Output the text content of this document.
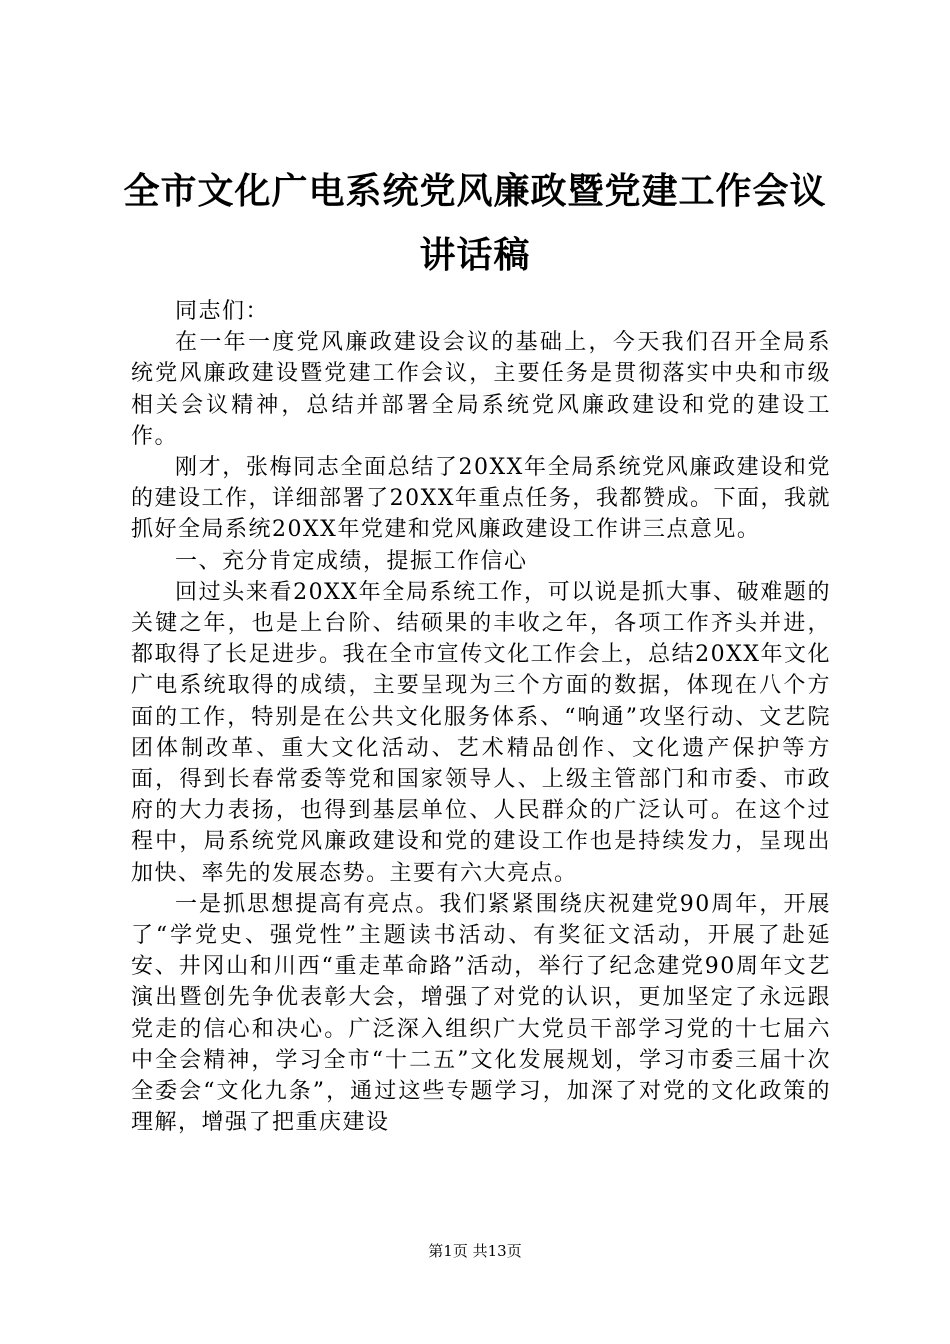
全市文化广电系统党风廉政暨党建工作会议讲话稿

同志们：

在一年一度党风廉政建设会议的基础上，今天我们召开全局系统党风廉政建设暨党建工作会议，主要任务是贯彻落实中央和市级相关会议精神，总结并部署全局系统党风廉政建设和党的建设工作。

刚才，张梅同志全面总结了20XX年全局系统党风廉政建设和党的建设工作，详细部署了20XX年重点任务，我都赞成。下面，我就抓好全局系统20XX年党建和党风廉政建设工作讲三点意见。

一、充分肯定成绩，提振工作信心

回过头来看20XX年全局系统工作，可以说是抓大事、破难题的关键之年，也是上台阶、结硕果的丰收之年，各项工作齐头并进，都取得了长足进步。我在全市宣传文化工作会上，总结20XX年文化广电系统取得的成绩，主要呈现为三个方面的数据，体现在八个方面的工作，特别是在公共文化服务体系、“响通”攻坚行动、文艺院团体制改革、重大文化活动、艺术精品创作、文化遗产保护等方面，得到长春常委等党和国家领导人、上级主管部门和市委、市政府的大力表扬，也得到基层单位、人民群众的广泛认可。在这个过程中，局系统党风廉政建设和党的建设工作也是持续发力，呈现出加快、率先的发展态势。主要有六大亮点。

一是抓思想提高有亮点。我们紧紧围绕庆祝建党90周年，开展了“学党史、强党性”主题读书活动、有奖征文活动，开展了赴延安、井冈山和川西“重走革命路”活动，举行了纪念建党90周年文艺演出暨创先争优表彰大会，增强了对党的认识，更加坚定了永远跟党走的信心和决心。广泛深入组织广大党员干部学习党的十七届六中全会精神，学习全市“十二五”文化发展规划，学习市委三届十次全委会“文化九条”，通过这些专题学习，加深了对党的文化政策的理解，增强了把重庆建设

第1页 共13页
